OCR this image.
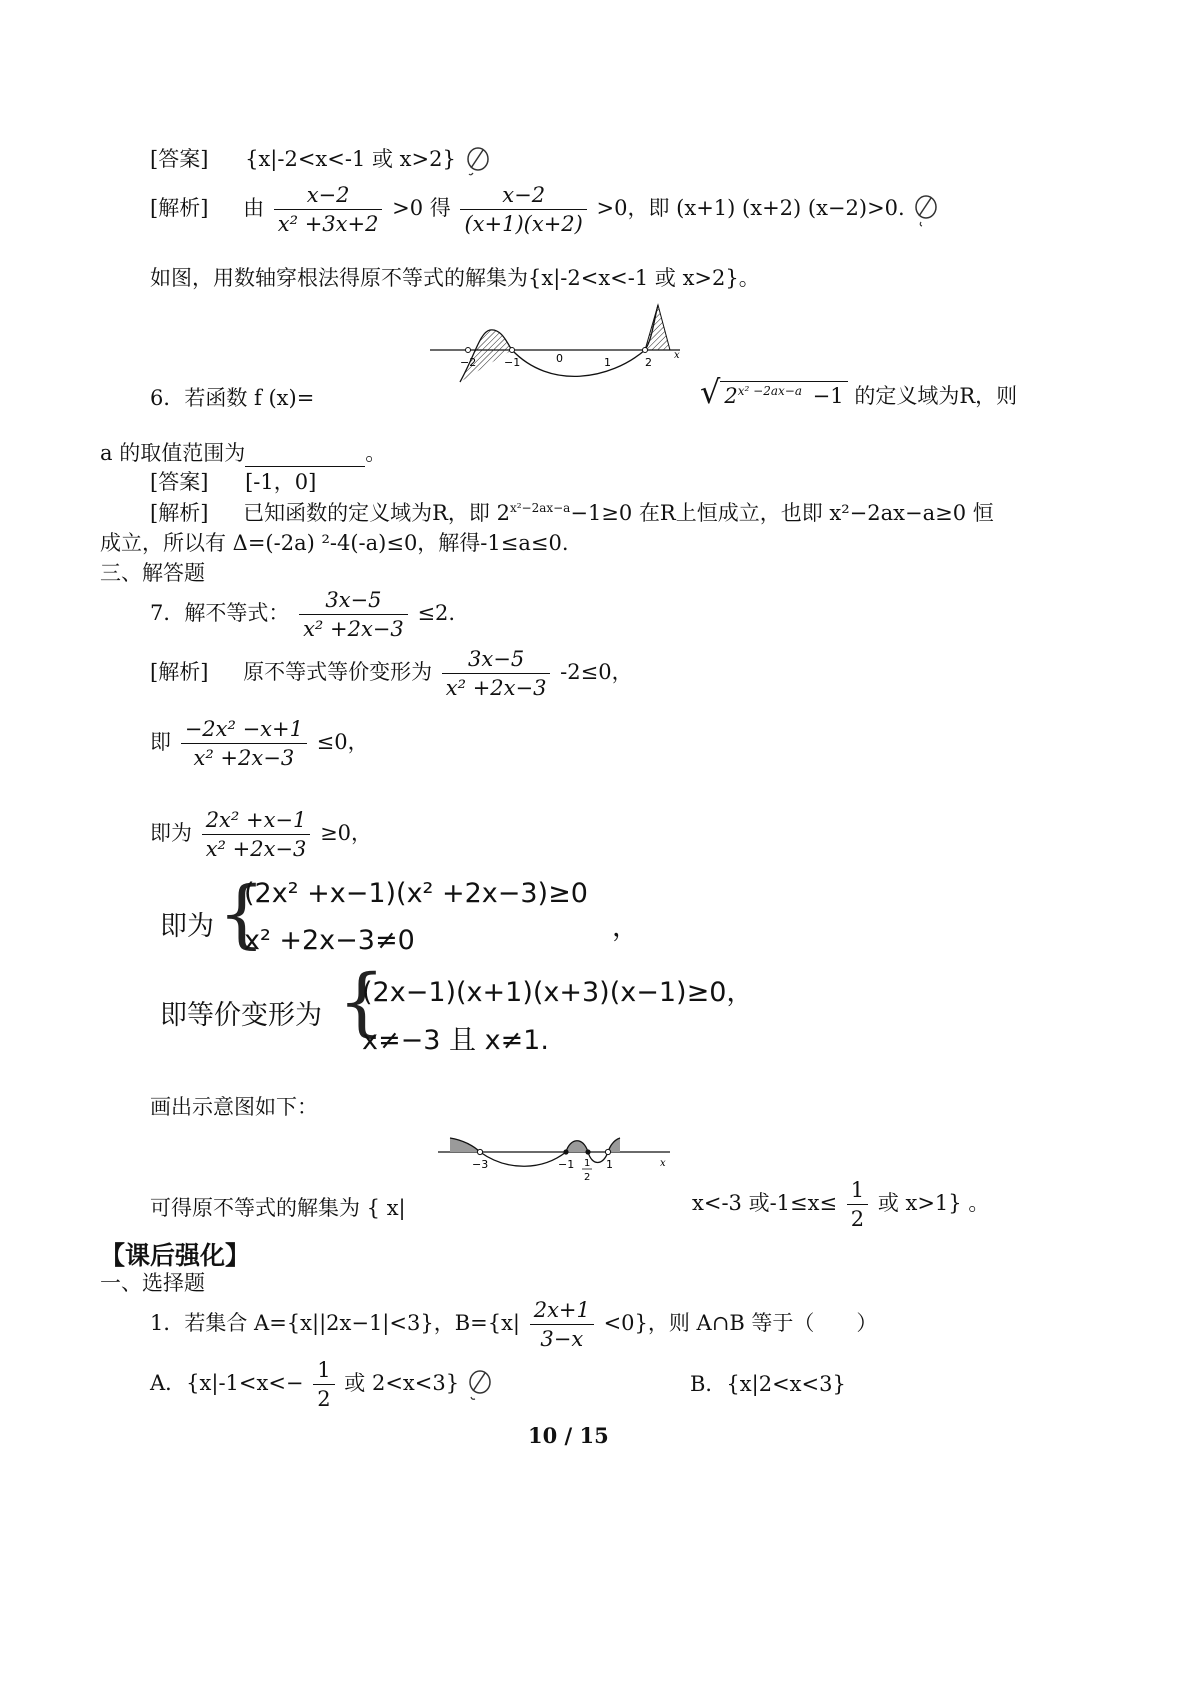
[答案] {x|-2<x<-1 或 x>2}
[解析] 由 $\frac{x-2}{\text{x² +3x+2}} >0$ 得 $\frac{x-2}{(x+1)(x+2)} >0$，即 (x+1) (x+2) (x−2)>0.
如图，用数轴穿根法得原不等式的解集为{x|-2<x<-1 或 x>2}。
−2	−1	0	1	2
x
6．若函数 f (x)=	√ $2^{x^2 -2ax-a} -1$ 的定义域为R，则
a 的取值范围为	。
[答案] [-1，0]
[解析] 已知函数的定义域为R，即 $2^{x^2-2ax-a}-1\ge 0$ 在R上恒成立，也即 x²−2ax−a≥0 恒
成立，所以有 Δ=(-2a) ²-4(-a)≤0，解得-1≤a≤0.
三、解答题
7．解不等式： $\frac{3x-5}{\text{x² +2x−3}} \le 2$.
[解析] 原不等式等价变形为 $\frac{3x-5}{\text{x² +2x−3}} -2\le 0$，
即 $\frac{\text{−2x² −x+1}}{\text{x² +2x−3}} \le 0$，
即为 $\frac{\text{2x² +x−1}}{\text{x² +2x−3}} \ge 0$，
即为 {
(2x² +x−1)(x² +2x−3)≥0
x² +2x−3≠0	，
即等价变形为 {
(2x−1)(x+1)(x+3)(x−1)≥0，
x≠−3 且 x≠1.
画出示意图如下：
−3	−1 1
2
1	x
可得原不等式的解集为 { x|	x<-3 或$-1\le x\le \frac{1}{2}$ 或 x>1} 。
【课后强化】
一、选择题
1．若集合 A={x||2x−1|<3}，$B=\{x| \frac{2x+1}{3-x} <0\}$，则 A∩B 等于（　　）
A．{$x|-1<x<- \frac{1}{2}$ 或 2<x<3}	B．{x|2<x<3}
10 / 15
